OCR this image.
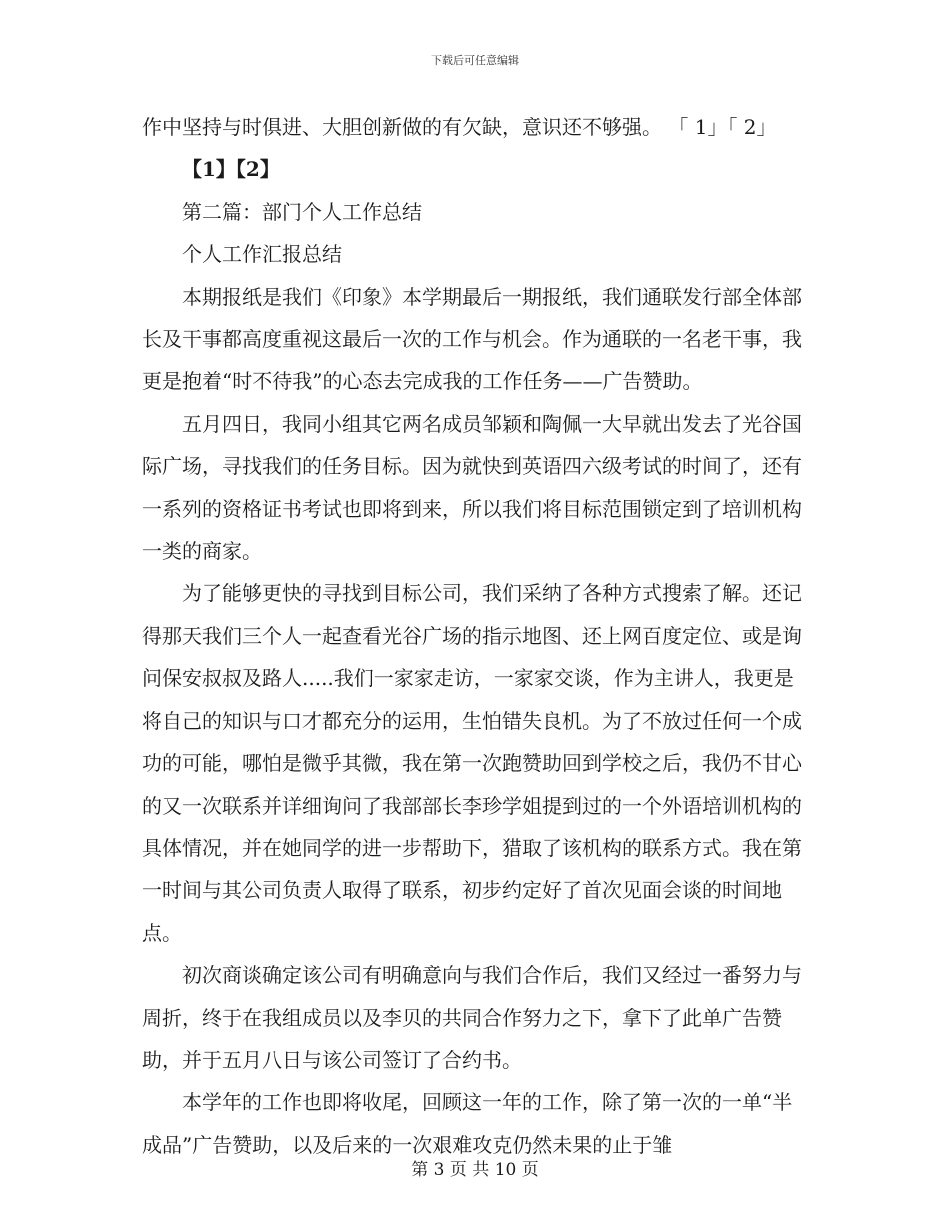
下载后可任意编辑

作中坚持与时俱进、大胆创新做的有欠缺，意识还不够强。 「 1」「 2」

【1】【2】

第二篇：部门个人工作总结

个人工作汇报总结

本期报纸是我们《印象》本学期最后一期报纸，我们通联发行部全体部长及干事都高度重视这最后一次的工作与机会。作为通联的一名老干事，我更是抱着“时不待我”的心态去完成我的工作任务——广告赞助。

五月四日，我同小组其它两名成员邹颖和陶佩一大早就出发去了光谷国际广场，寻找我们的任务目标。因为就快到英语四六级考试的时间了，还有一系列的资格证书考试也即将到来，所以我们将目标范围锁定到了培训机构一类的商家。

为了能够更快的寻找到目标公司，我们采纳了各种方式搜索了解。还记得那天我们三个人一起查看光谷广场的指示地图、还上网百度定位、或是询问保安叔叔及路人.....我们一家家走访，一家家交谈，作为主讲人，我更是将自己的知识与口才都充分的运用，生怕错失良机。为了不放过任何一个成功的可能，哪怕是微乎其微，我在第一次跑赞助回到学校之后，我仍不甘心的又一次联系并详细询问了我部部长李珍学姐提到过的一个外语培训机构的具体情况，并在她同学的进一步帮助下，猎取了该机构的联系方式。我在第一时间与其公司负责人取得了联系，初步约定好了首次见面会谈的时间地点。

初次商谈确定该公司有明确意向与我们合作后，我们又经过一番努力与周折，终于在我组成员以及李贝的共同合作努力之下，拿下了此单广告赞助，并于五月八日与该公司签订了合约书。

本学年的工作也即将收尾，回顾这一年的工作，除了第一次的一单“半成品”广告赞助，以及后来的一次艰难攻克仍然未果的止于雏

第 3 页 共 10 页
